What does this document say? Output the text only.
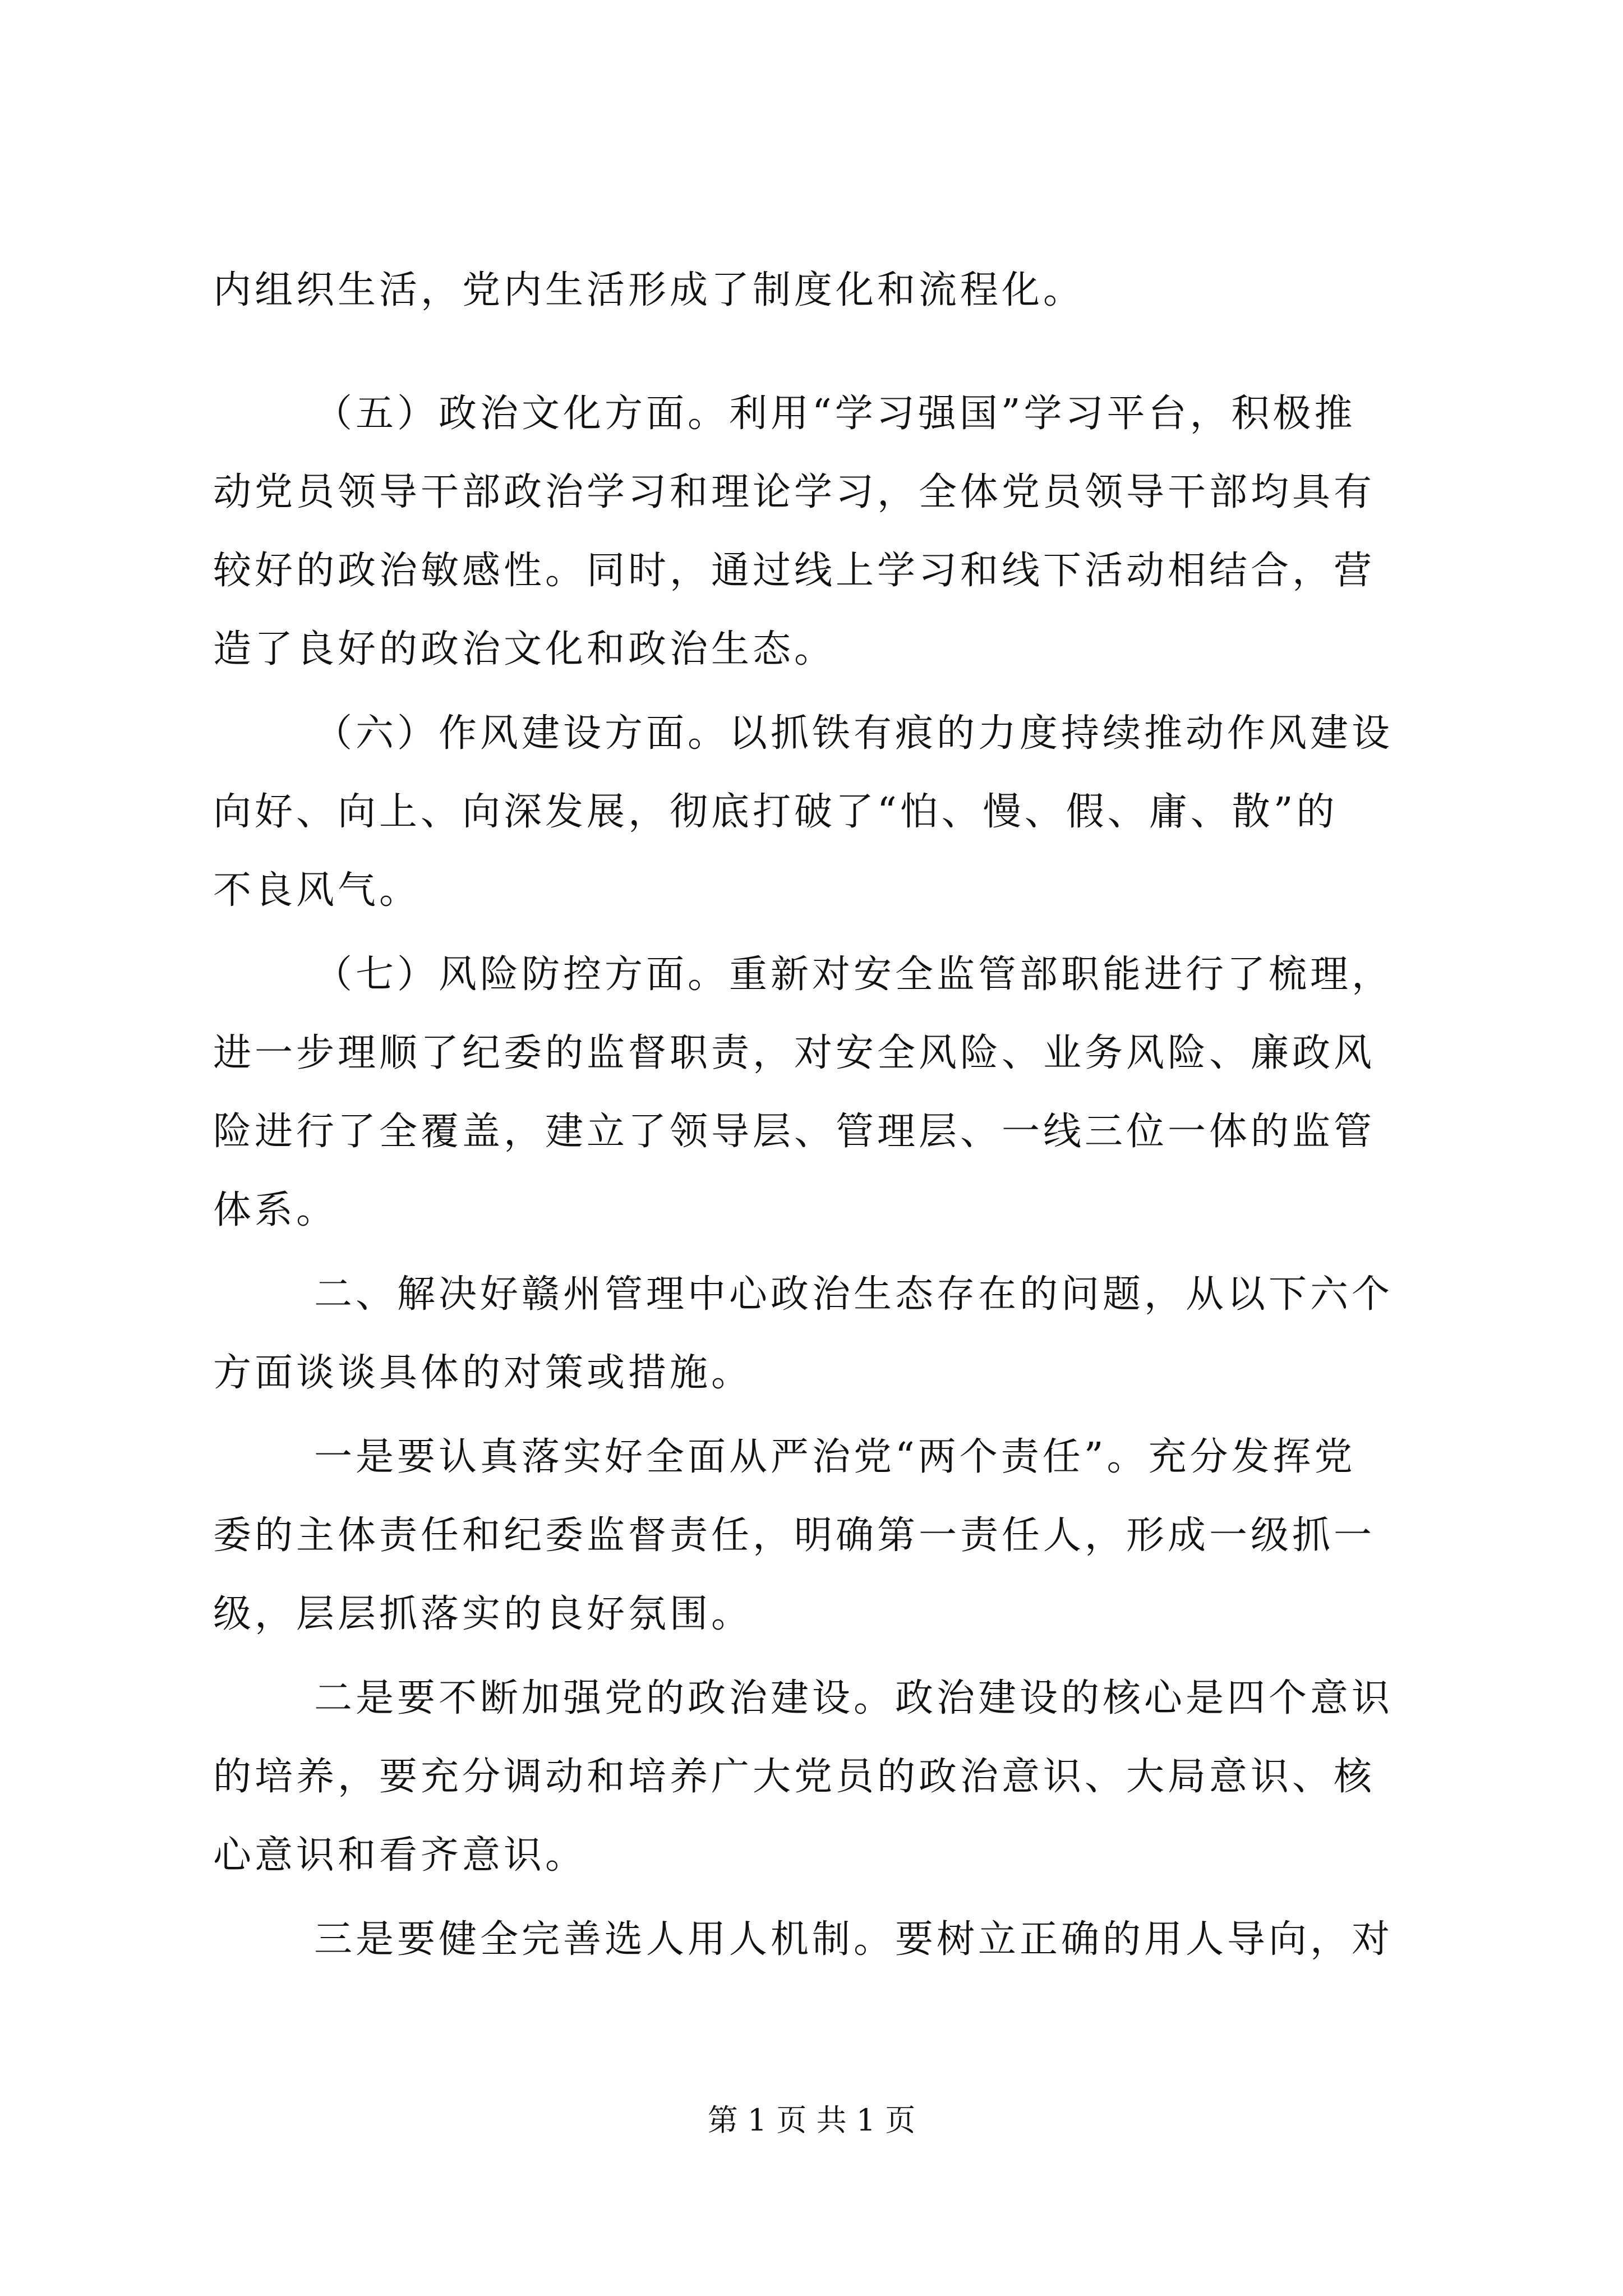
内组织生活，党内生活形成了制度化和流程化。
（五）政治文化方面。利用“学习强国”学习平台，积极推
动党员领导干部政治学习和理论学习，全体党员领导干部均具有
较好的政治敏感性。同时，通过线上学习和线下活动相结合，营
造了良好的政治文化和政治生态。
（六）作风建设方面。以抓铁有痕的力度持续推动作风建设
向好、向上、向深发展，彻底打破了“怕、慢、假、庸、散”的
不良风气。
（七）风险防控方面。重新对安全监管部职能进行了梳理，
进一步理顺了纪委的监督职责，对安全风险、业务风险、廉政风
险进行了全覆盖，建立了领导层、管理层、一线三位一体的监管
体系。
二、解决好赣州管理中心政治生态存在的问题，从以下六个
方面谈谈具体的对策或措施。
一是要认真落实好全面从严治党“两个责任”。充分发挥党
委的主体责任和纪委监督责任，明确第一责任人，形成一级抓一
级，层层抓落实的良好氛围。
二是要不断加强党的政治建设。政治建设的核心是四个意识
的培养，要充分调动和培养广大党员的政治意识、大局意识、核
心意识和看齐意识。
三是要健全完善选人用人机制。要树立正确的用人导向，对
第 1 页 共 1 页
